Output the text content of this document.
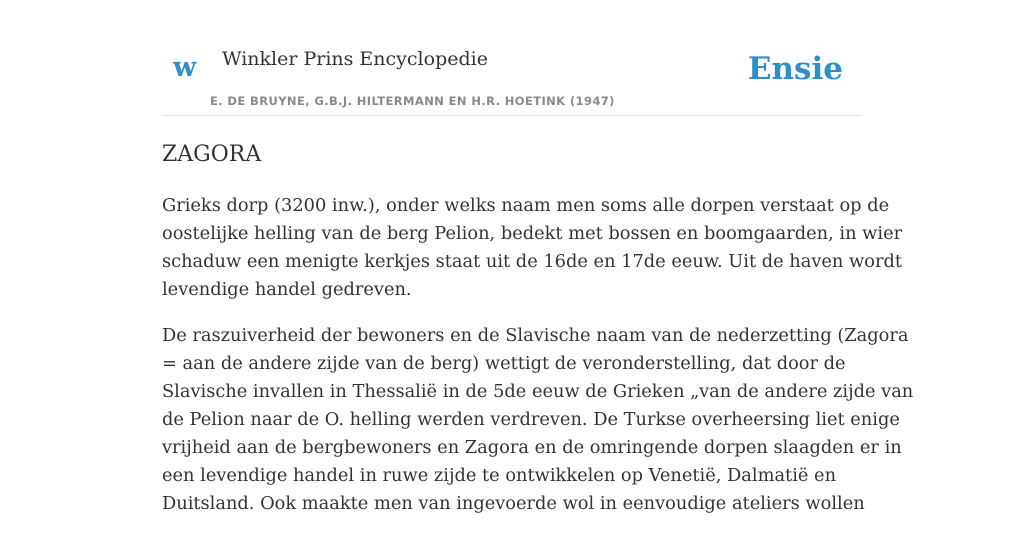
w Winkler Prins Encyclopedie
E. DE BRUYNE, G.B.J. HILTERMANN EN H.R. HOETINK (1947)
Ensie
ZAGORA

Grieks dorp (3200 inw.), onder welks naam men soms alle dorpen verstaat op de
oostelijke helling van de berg Pelion, bedekt met bossen en boomgaarden, in wier
schaduw een menigte kerkjes staat uit de 16de en 17de eeuw. Uit de haven wordt
levendige handel gedreven.

De raszuiverheid der bewoners en de Slavische naam van de nederzetting (Zagora
= aan de andere zijde van de berg) wettigt de veronderstelling, dat door de
Slavische invallen in Thessalië in de 5de eeuw de Grieken „van de andere zijde van
de Pelion naar de O. helling werden verdreven. De Turkse overheersing liet enige
vrijheid aan de bergbewoners en Zagora en de omringende dorpen slaagden er in
een levendige handel in ruwe zijde te ontwikkelen op Venetië, Dalmatië en
Duitsland. Ook maakte men van ingevoerde wol in eenvoudige ateliers wollen
